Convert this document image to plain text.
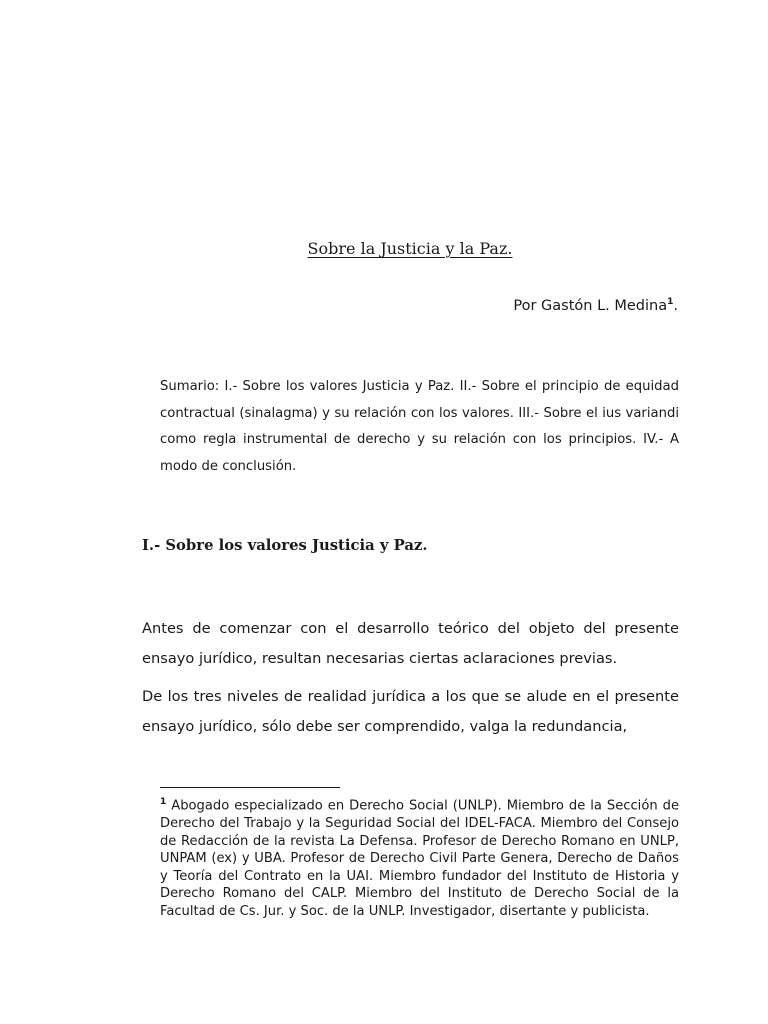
Sobre la Justicia y la Paz.
Por Gastón L. Medina$^1$.
Sumario: I.- Sobre los valores Justicia y Paz. II.- Sobre el principio de equidad contractual (sinalagma) y su relación con los valores. III.- Sobre el ius variandi como regla instrumental de derecho y su relación con los principios. IV.- A modo de conclusión.
I.- Sobre los valores Justicia y Paz.
Antes de comenzar con el desarrollo teórico del objeto del presente ensayo jurídico, resultan necesarias ciertas aclaraciones previas.
De los tres niveles de realidad jurídica a los que se alude en el presente ensayo jurídico, sólo debe ser comprendido, valga la redundancia,
$^1$ Abogado especializado en Derecho Social (UNLP). Miembro de la Sección de Derecho del Trabajo y la Seguridad Social del IDEL-FACA. Miembro del Consejo de Redacción de la revista La Defensa. Profesor de Derecho Romano en UNLP, UNPAM (ex) y UBA. Profesor de Derecho Civil Parte Genera, Derecho de Daños y Teoría del Contrato en la UAI. Miembro fundador del Instituto de Historia y Derecho Romano del CALP. Miembro del Instituto de Derecho Social de la Facultad de Cs. Jur. y Soc. de la UNLP. Investigador, disertante y publicista.
